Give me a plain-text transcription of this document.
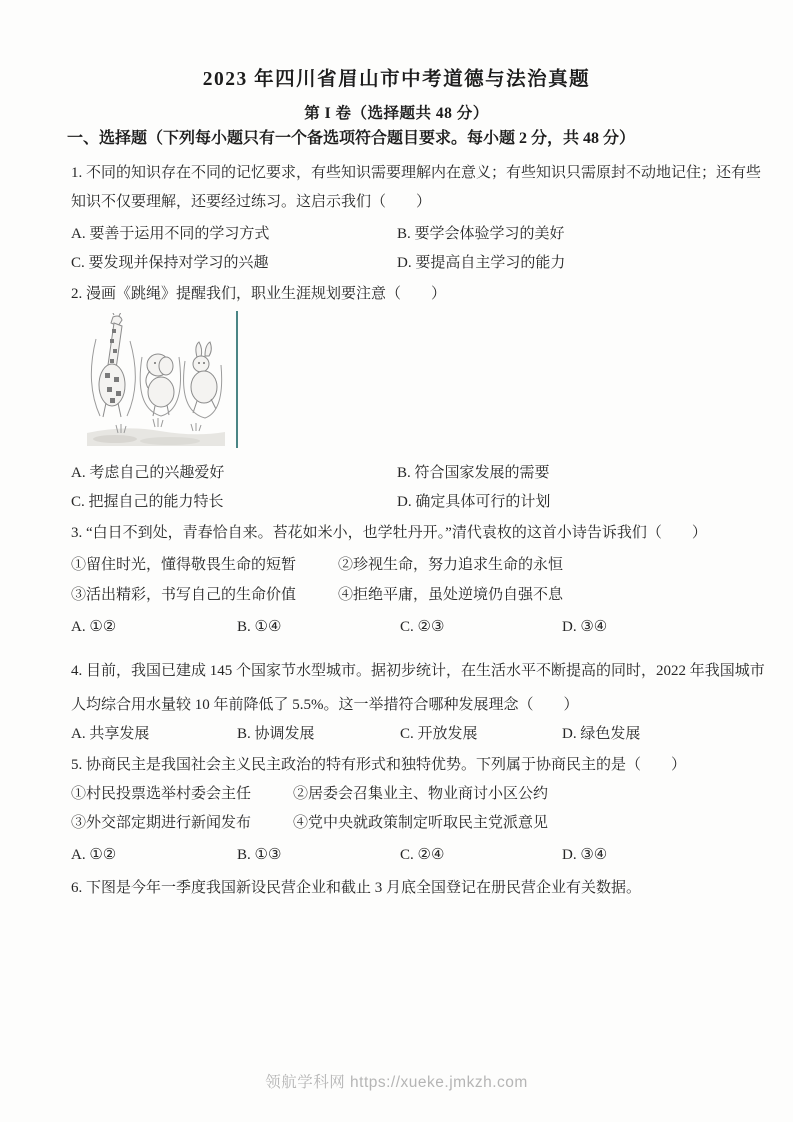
2023 年四川省眉山市中考道德与法治真题
第 I 卷（选择题共 48 分）
一、选择题（下列每小题只有一个备选项符合题目要求。每小题 2 分，共 48 分）
1. 不同的知识存在不同的记忆要求，有些知识需要理解内在意义；有些知识只需原封不动地记住；还有些
知识不仅要理解，还要经过练习。这启示我们（　　）
A. 要善于运用不同的学习方式	B. 要学会体验学习的美好
C. 要发现并保持对学习的兴趣	D. 要提高自主学习的能力
2. 漫画《跳绳》提醒我们，职业生涯规划要注意（　　）
A. 考虑自己的兴趣爱好	B. 符合国家发展的需要
C. 把握自己的能力特长	D. 确定具体可行的计划
3. “白日不到处，青春恰自来。苔花如米小，也学牡丹开。”清代袁枚的这首小诗告诉我们（　　）
①留住时光，懂得敬畏生命的短暂	②珍视生命，努力追求生命的永恒
③活出精彩，书写自己的生命价值	④拒绝平庸，虽处逆境仍自强不息
A. ①②	B. ①④	C. ②③	D. ③④
4. 目前，我国已建成 145 个国家节水型城市。据初步统计，在生活水平不断提高的同时，2022 年我国城市
人均综合用水量较 10 年前降低了 5.5%。这一举措符合哪种发展理念（　　）
A. 共享发展	B. 协调发展	C. 开放发展	D. 绿色发展
5. 协商民主是我国社会主义民主政治的特有形式和独特优势。下列属于协商民主的是（　　）
①村民投票选举村委会主任	②居委会召集业主、物业商讨小区公约
③外交部定期进行新闻发布	④党中央就政策制定听取民主党派意见
A. ①②	B. ①③	C. ②④	D. ③④
6. 下图是今年一季度我国新设民营企业和截止 3 月底全国登记在册民营企业有关数据。
领航学科网 https://xueke.jmkzh.com
